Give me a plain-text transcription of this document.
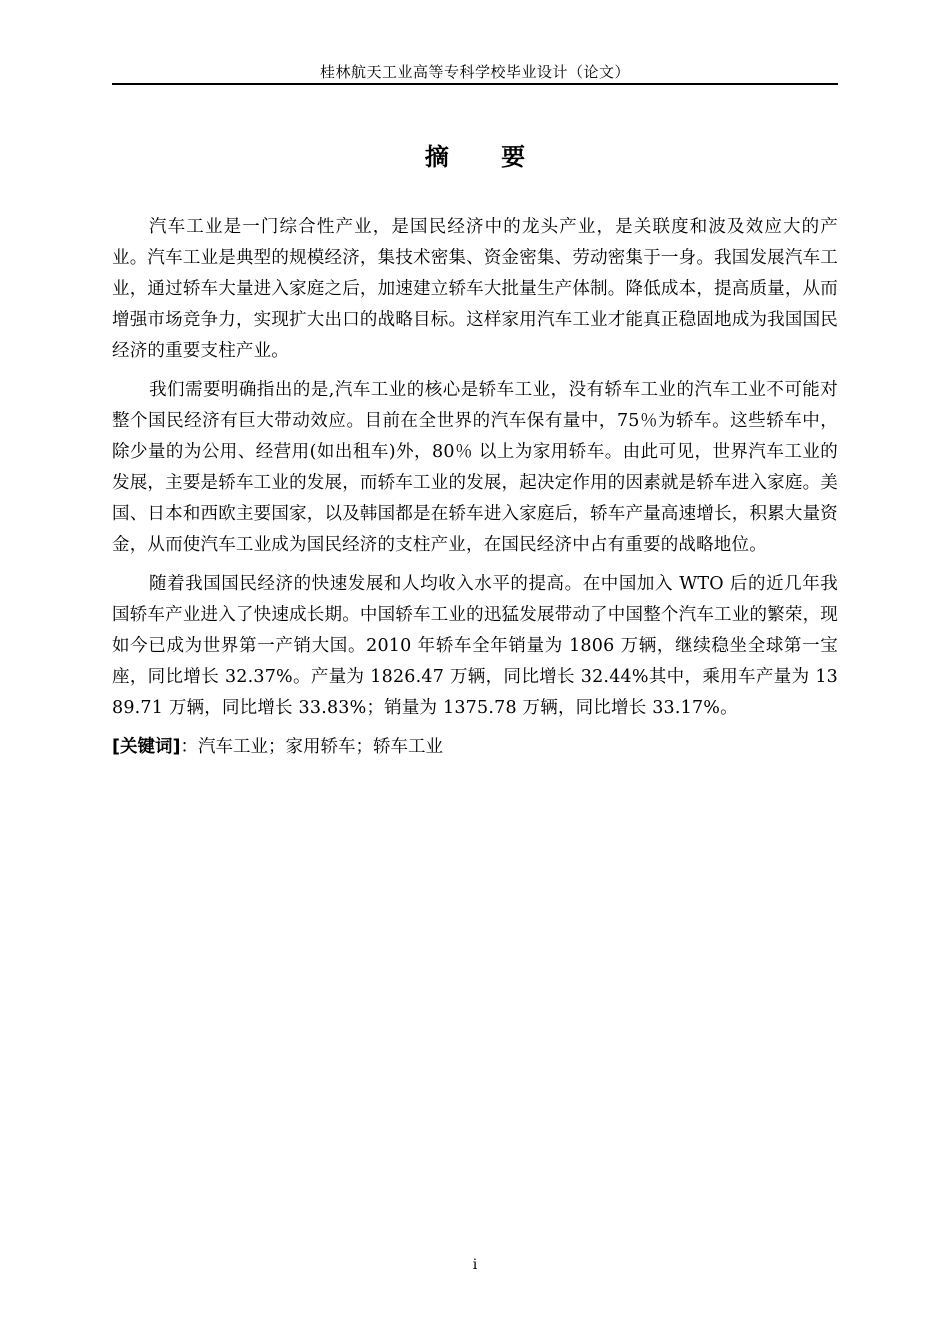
桂林航天工业高等专科学校毕业设计（论文）
摘 要

汽车工业是一门综合性产业，是国民经济中的龙头产业，是关联度和波及效应大的产业。汽车工业是典型的规模经济，集技术密集、资金密集、劳动密集于一身。我国发展汽车工业，通过轿车大量进入家庭之后，加速建立轿车大批量生产体制。降低成本，提高质量，从而增强市场竞争力，实现扩大出口的战略目标。这样家用汽车工业才能真正稳固地成为我国国民经济的重要支柱产业。

我们需要明确指出的是,汽车工业的核心是轿车工业，没有轿车工业的汽车工业不可能对整个国民经济有巨大带动效应。目前在全世界的汽车保有量中，75％为轿车。这些轿车中，除少量的为公用、经营用(如出租车)外，80％ 以上为家用轿车。由此可见，世界汽车工业的发展，主要是轿车工业的发展，而轿车工业的发展，起决定作用的因素就是轿车进入家庭。美国、日本和西欧主要国家，以及韩国都是在轿车进入家庭后，轿车产量高速增长，积累大量资金，从而使汽车工业成为国民经济的支柱产业，在国民经济中占有重要的战略地位。

随着我国国民经济的快速发展和人均收入水平的提高。在中国加入 WTO 后的近几年我国轿车产业进入了快速成长期。中国轿车工业的迅猛发展带动了中国整个汽车工业的繁荣，现如今已成为世界第一产销大国。2010 年轿车全年销量为 1806 万辆，继续稳坐全球第一宝座，同比增长 32.37%。产量为 1826.47 万辆，同比增长 32.44%其中，乘用车产量为 1389.71 万辆，同比增长 33.83%；销量为 1375.78 万辆，同比增长 33.17%。

[关键词]：汽车工业；家用轿车；轿车工业
i
